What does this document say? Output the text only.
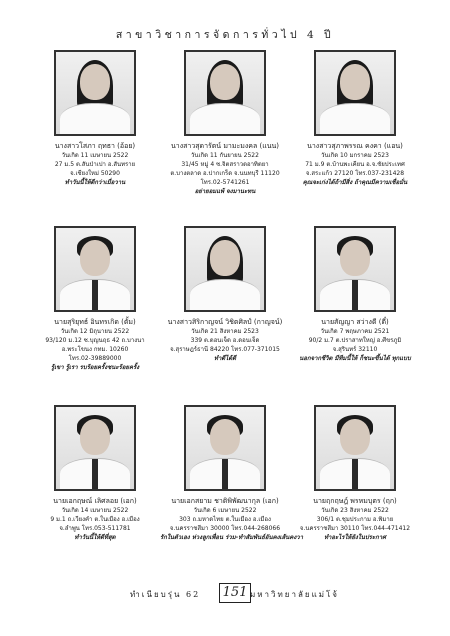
สาขาวิชาการจัดการทั่วไป 4 ปี
นางสาวโสภา ฤทธา (อ้อย)
วันเกิด 11 เมษายน 2522
27 ม.5 ต.สันป่าเปา อ.สันทราย
จ.เชียงใหม่ 50290
ทำวันนี้ให้ดีกว่าเมื่อวาน
นางสาวสุดารัตน์ มามะมงคล (แนน)
วันเกิด 11 กันยายน 2522
31/45 หมู่ 4 ซ.จิตสราวดอาทิตยา
ต.บางตลาด อ.ปากเกร็ด จ.นนทบุรี 11120
โทร.02-5741261
อย่ายอมแพ้ จงมานะทน
นางสาวสุภาพรรณ คงคา (แอน)
วันเกิด 10 มกราคม 2523
71 ม.9 ต.บ้านพะเคียน อ.จ.ชัยประเทศ
จ.สระแก้ว 27120 โทร.037-231428
คุณจะเก่งได้ถ้ามีสิ่ง ถ้าคุณมีความเชื่อมั่น
นายสุริยุทธ์ อินทรเกิด (ตั้ม)
วันเกิด 12 มิถุนายน 2522
93/120 ม.12 ซ.บุญนฤธ 42 ถ.บางนา
อ.พระโขนง กทม. 10260
โทร.02-39889000
รู้เขา รู้เรา รบร้อยครั้งชนะร้อยครั้ง
นางสาวสิริกาญจน์ วิชิตศิลป์ (กาญจน์)
วันเกิด 21 สิงหาคม 2523
339 ต.ดอนเจ็ด อ.ดอนเจ็ด
จ.สุราษฎร์ธานี 84220 โทร.077-371015
ทำดีได้ดี
นายสัญญา สว่างดี (ตี๋)
วันเกิด 7 พฤษภาคม 2521
90/2 ม.7 ต.ปราสาทใหญ่ อ.ศีขรภูมิ
จ.สุรินทร์ 32110
นอกจากชีวิต มีทีมนี้ให้ ก็ชนะขึ้นได้ ทุกแบบ
นายเอกฤษณ์ เลิศลอย (เอก)
วันเกิด 14 เมษายน 2522
9 ม.1 ถ.เวียงคำ ต.ในเมือง อ.เมือง
จ.ลำพูน โทร.053-511781
ทำวันนี้ให้ดีที่สุด
นายเอกสยาม ชาติพิพัฒนากุล (เอก)
วันเกิด 6 เมษายน 2522
303 ถ.มหาดไทย ต.ในเมือง อ.เมือง
จ.นครราชสีมา 30000 โทร.044-268066
รักในตัวเอง ห่วงลูกเพื่อน ร่วม-ทำสัมพันธ์อันคงเส้นคงวา
นายฤกฤษฎ์ พรหมบุตร (ฤก)
วันเกิด 23 สิงหาคม 2522
306/1 ต.ชุมประกาม อ.พิมาย
จ.นครราชสีมา 30110 โทร.044-471412
ทำอะไรให้ยังในประกาศ
ทำเนียบรุ่น 62 151 มหาวิทยาลัยแม่โจ้
